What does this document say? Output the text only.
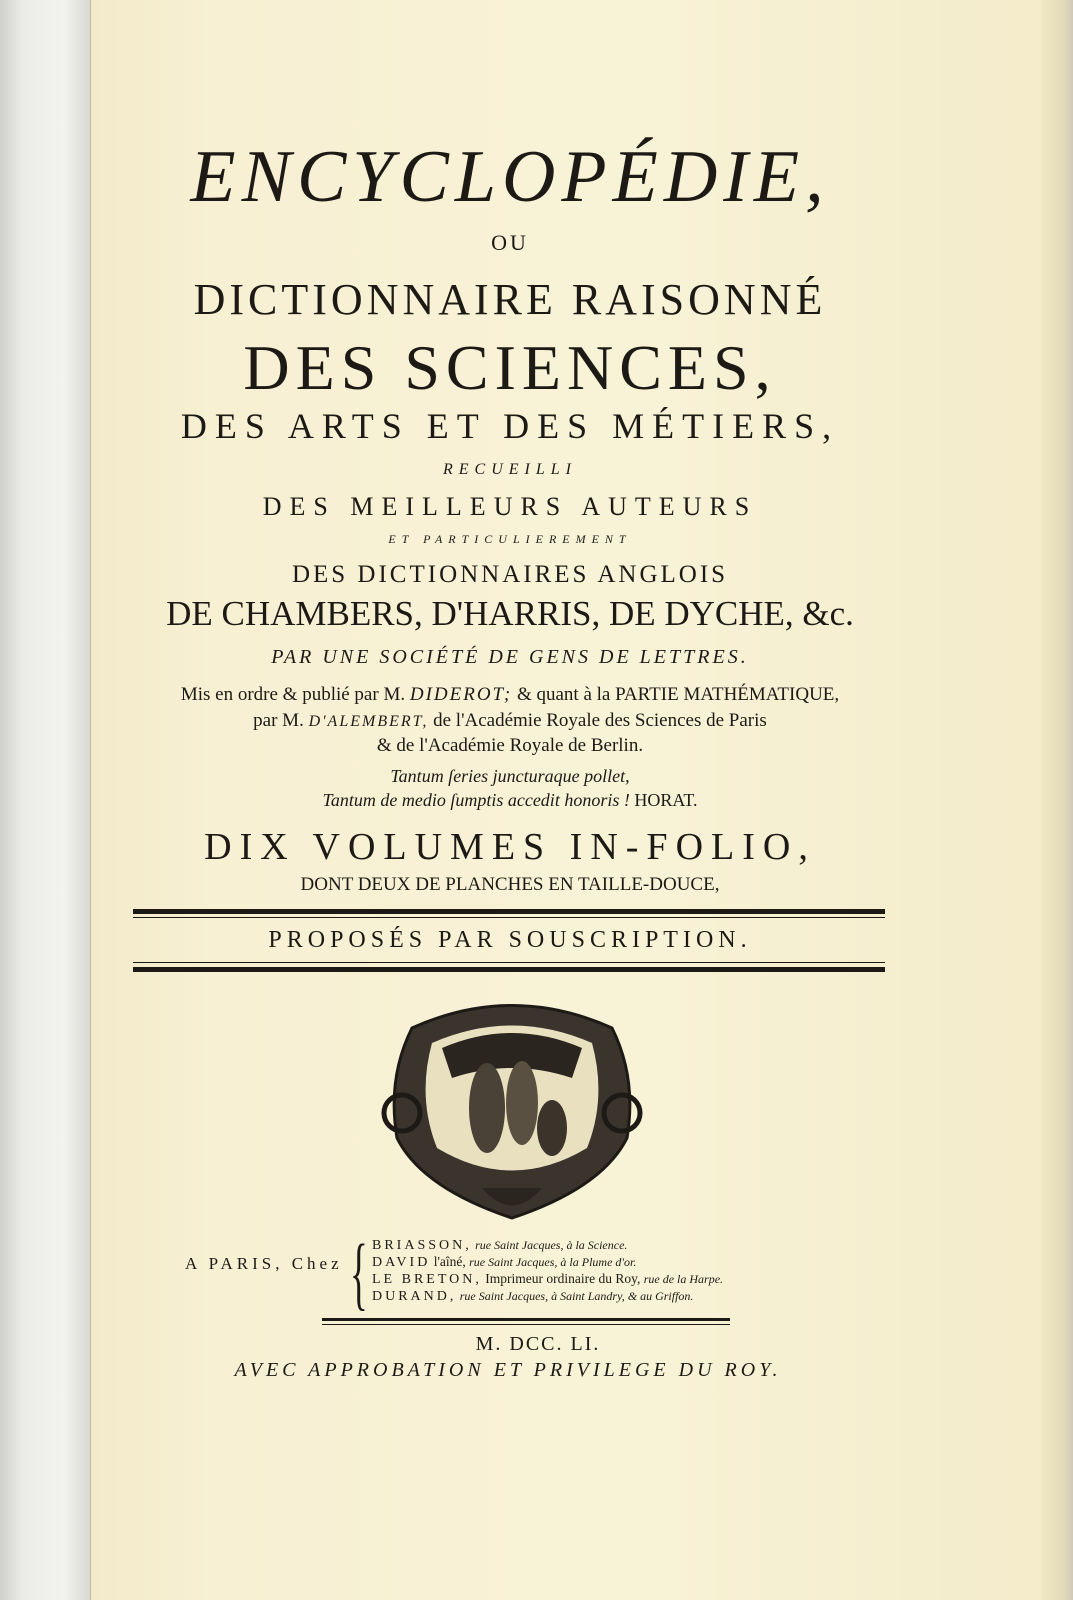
ENCYCLOPÉDIE,
OU
DICTIONNAIRE RAISONNÉ
DES SCIENCES,
DES ARTS ET DES MÉTIERS,
RECUEILLI
DES MEILLEURS AUTEURS
ET PARTICULIEREMENT
DES DICTIONNAIRES ANGLOIS
DE CHAMBERS, D'HARRIS, DE DYCHE, &c.
PAR UNE SOCIÉTÉ DE GENS DE LETTRES.
Mis en ordre & publié par M. DIDEROT; & quant à la PARTIE MATHÉMATIQUE,
par M. D'ALEMBERT, de l'Académie Royale des Sciences de Paris
& de l'Académie Royale de Berlin.
Tantum ſeries juncturaque pollet,
Tantum de medio ſumptis accedit honoris ! HORAT.
DIX VOLUMES IN-FOLIO,
DONT DEUX DE PLANCHES EN TAILLE-DOUCE,
PROPOSÉS PAR SOUSCRIPTION.
A PARIS, Chez { BRIASSON, rue Saint Jacques, à la Science.
DAVID l'aîné, rue Saint Jacques, à la Plume d'or.
LE BRETON, Imprimeur ordinaire du Roy, rue de la Harpe.
DURAND, rue Saint Jacques, à Saint Landry, & au Griffon.
M. DCC. LI.
AVEC APPROBATION ET PRIVILEGE DU ROY.
